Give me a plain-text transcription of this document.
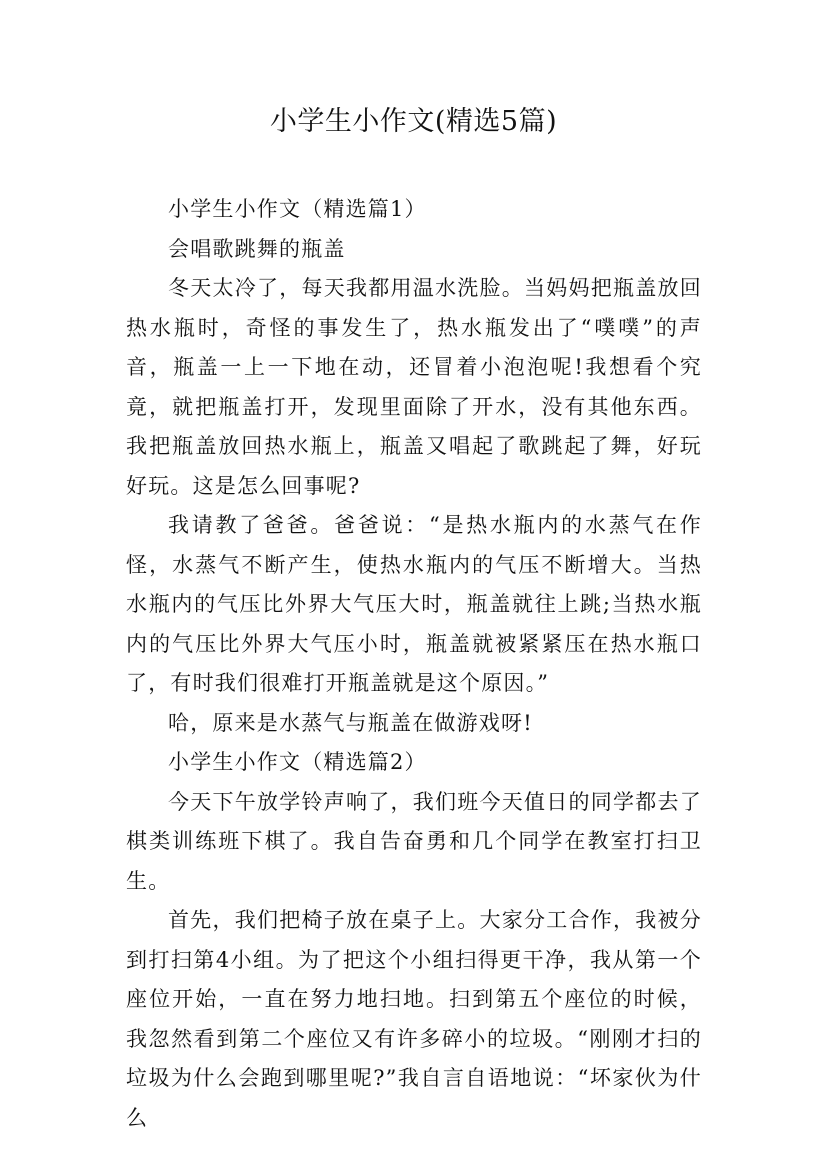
小学生小作文(精选5篇)

小学生小作文（精选篇1）

会唱歌跳舞的瓶盖

冬天太冷了，每天我都用温水洗脸。当妈妈把瓶盖放回热水瓶时，奇怪的事发生了，热水瓶发出了“噗噗”的声音，瓶盖一上一下地在动，还冒着小泡泡呢!我想看个究竟，就把瓶盖打开，发现里面除了开水，没有其他东西。我把瓶盖放回热水瓶上，瓶盖又唱起了歌跳起了舞，好玩好玩。这是怎么回事呢?

我请教了爸爸。爸爸说：“是热水瓶内的水蒸气在作怪，水蒸气不断产生，使热水瓶内的气压不断增大。当热水瓶内的气压比外界大气压大时，瓶盖就往上跳;当热水瓶内的气压比外界大气压小时，瓶盖就被紧紧压在热水瓶口了，有时我们很难打开瓶盖就是这个原因。”

哈，原来是水蒸气与瓶盖在做游戏呀!

小学生小作文（精选篇2）

今天下午放学铃声响了，我们班今天值日的同学都去了棋类训练班下棋了。我自告奋勇和几个同学在教室打扫卫生。

首先，我们把椅子放在桌子上。大家分工合作，我被分到打扫第4小组。为了把这个小组扫得更干净，我从第一个座位开始，一直在努力地扫地。扫到第五个座位的时候，我忽然看到第二个座位又有许多碎小的垃圾。“刚刚才扫的垃圾为什么会跑到哪里呢?”我自言自语地说：“坏家伙为什么
